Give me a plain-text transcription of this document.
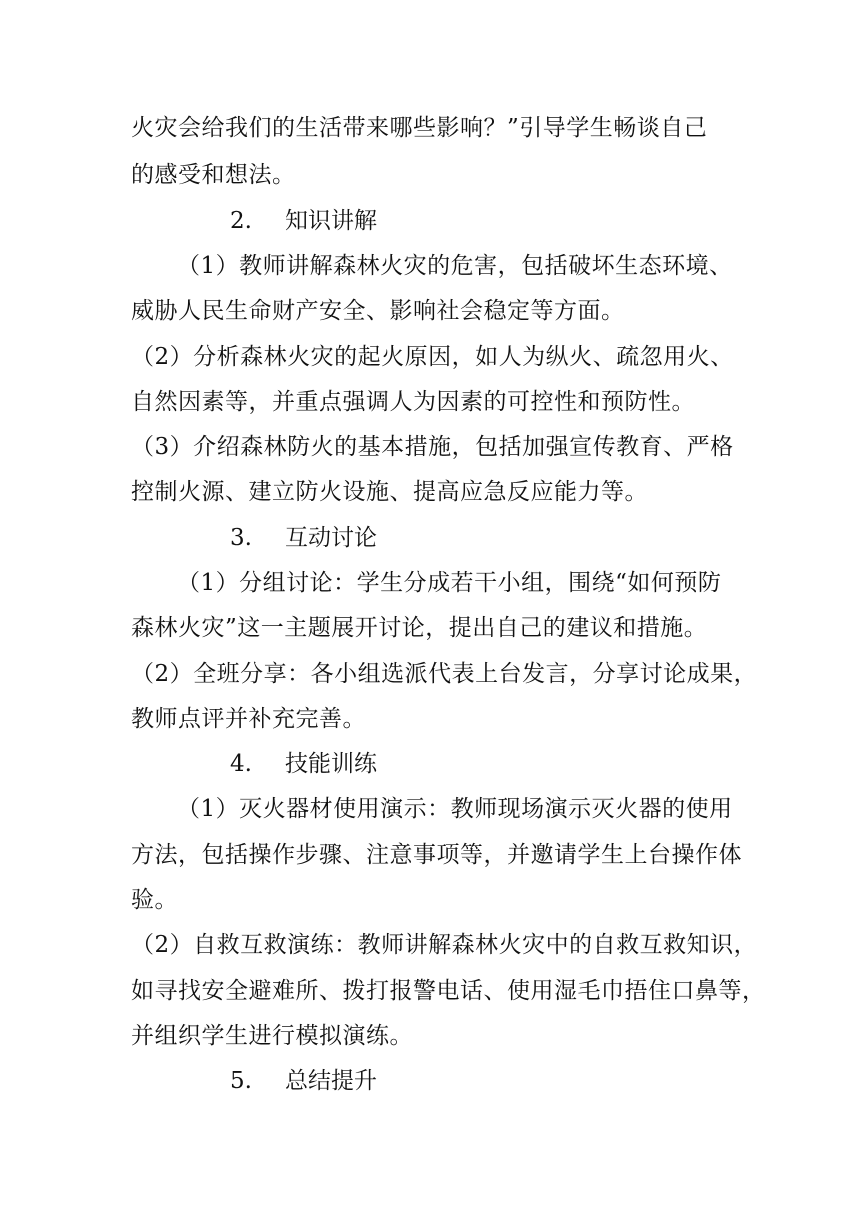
火灾会给我们的生活带来哪些影响？”引导学生畅谈自己
的感受和想法。
2. 知识讲解
（1）教师讲解森林火灾的危害，包括破坏生态环境、
威胁人民生命财产安全、影响社会稳定等方面。
（2）分析森林火灾的起火原因，如人为纵火、疏忽用火、
自然因素等，并重点强调人为因素的可控性和预防性。
（3）介绍森林防火的基本措施，包括加强宣传教育、严格
控制火源、建立防火设施、提高应急反应能力等。
3. 互动讨论
（1）分组讨论：学生分成若干小组，围绕“如何预防
森林火灾”这一主题展开讨论，提出自己的建议和措施。
（2）全班分享：各小组选派代表上台发言，分享讨论成果，
教师点评并补充完善。
4. 技能训练
（1）灭火器材使用演示：教师现场演示灭火器的使用
方法，包括操作步骤、注意事项等，并邀请学生上台操作体
验。
（2）自救互救演练：教师讲解森林火灾中的自救互救知识，
如寻找安全避难所、拨打报警电话、使用湿毛巾捂住口鼻等，
并组织学生进行模拟演练。
5. 总结提升
